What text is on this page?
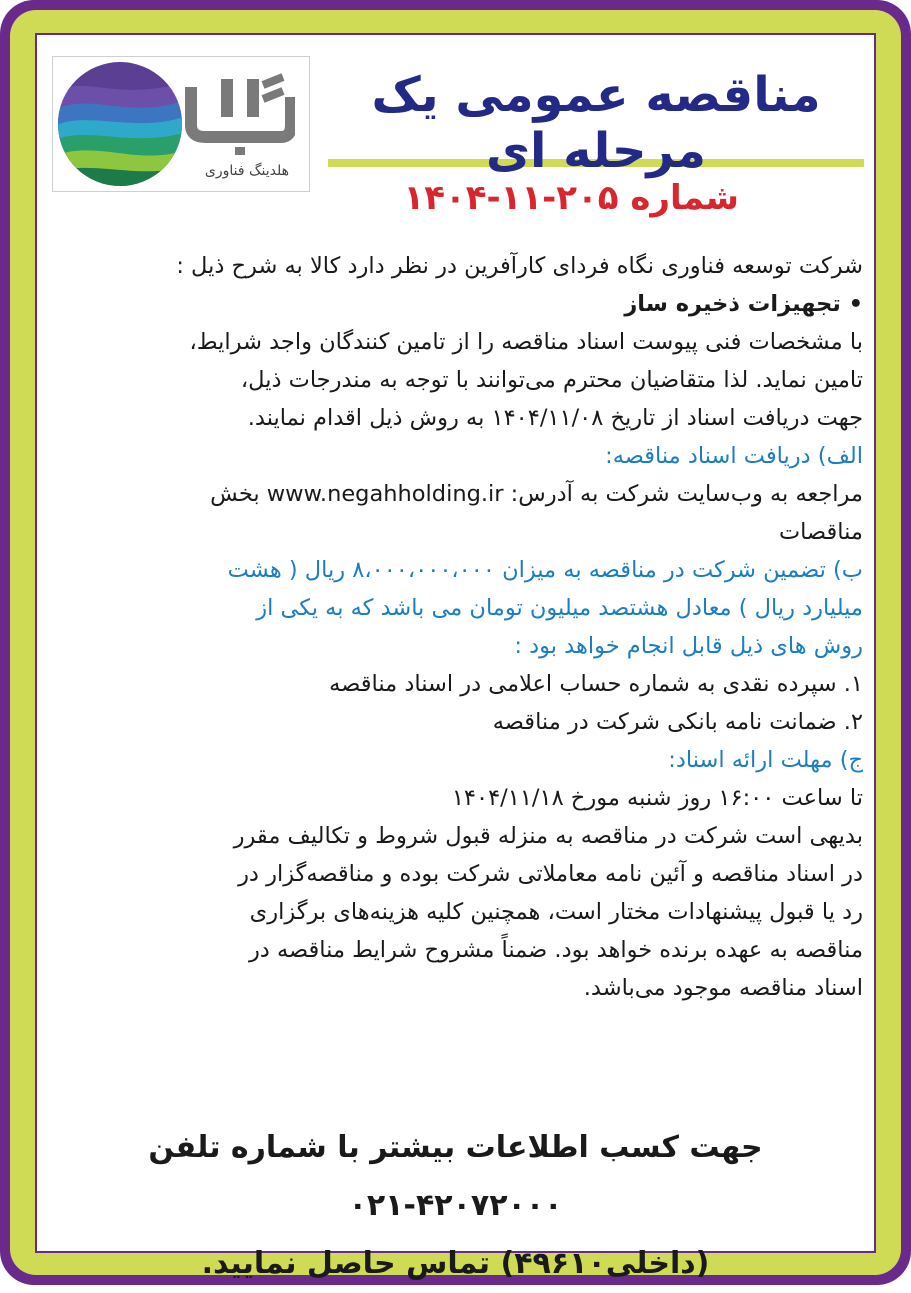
هلدینگ فناوری
مناقصه عمومی یک مرحله ای
شماره ۲۰۵-۱۱-۱۴۰۴
شرکت توسعه فناوری نگاه فردای کارآفرین در نظر دارد کالا به شرح ذیل :
• تجهیزات ذخیره ساز
با مشخصات فنی پیوست اسناد مناقصه را از تامین کنندگان واجد شرایط،
تامین نماید. لذا متقاضیان محترم می‌توانند با توجه به مندرجات ذیل،
جهت دریافت اسناد از تاریخ ۱۴۰۴/۱۱/۰۸ به روش ذیل اقدام نمایند.
الف) دریافت اسناد مناقصه:
مراجعه به وب‌سایت شرکت به آدرس: www.negahholding.ir بخش
مناقصات
ب) تضمین شرکت در مناقصه به میزان ۸،۰۰۰،۰۰۰،۰۰۰ ریال ( هشت
میلیارد ریال ) معادل هشتصد میلیون تومان می باشد که به یکی از
روش های ذیل قابل انجام خواهد بود :
۱. سپرده نقدی به شماره حساب اعلامی در اسناد مناقصه
۲. ضمانت نامه بانکی شرکت در مناقصه
ج) مهلت ارائه اسناد:
تا ساعت ۱۶:۰۰ روز شنبه مورخ ۱۴۰۴/۱۱/۱۸
بدیهی است شرکت در مناقصه به منزله قبول شروط و تکالیف مقرر
در اسناد مناقصه و آئین نامه معاملاتی شرکت بوده و مناقصه‌گزار در
رد یا قبول پیشنهادات مختار است، همچنین کلیه هزینه‌های برگزاری
مناقصه به عهده برنده خواهد بود. ضمناً مشروح شرایط مناقصه در
اسناد مناقصه موجود می‌باشد.
جهت کسب اطلاعات بیشتر با شماره تلفن ۴۲۰۷۲۰۰۰-۰۲۱
(داخلی۴۹۶۱۰) تماس حاصل نمایید.
